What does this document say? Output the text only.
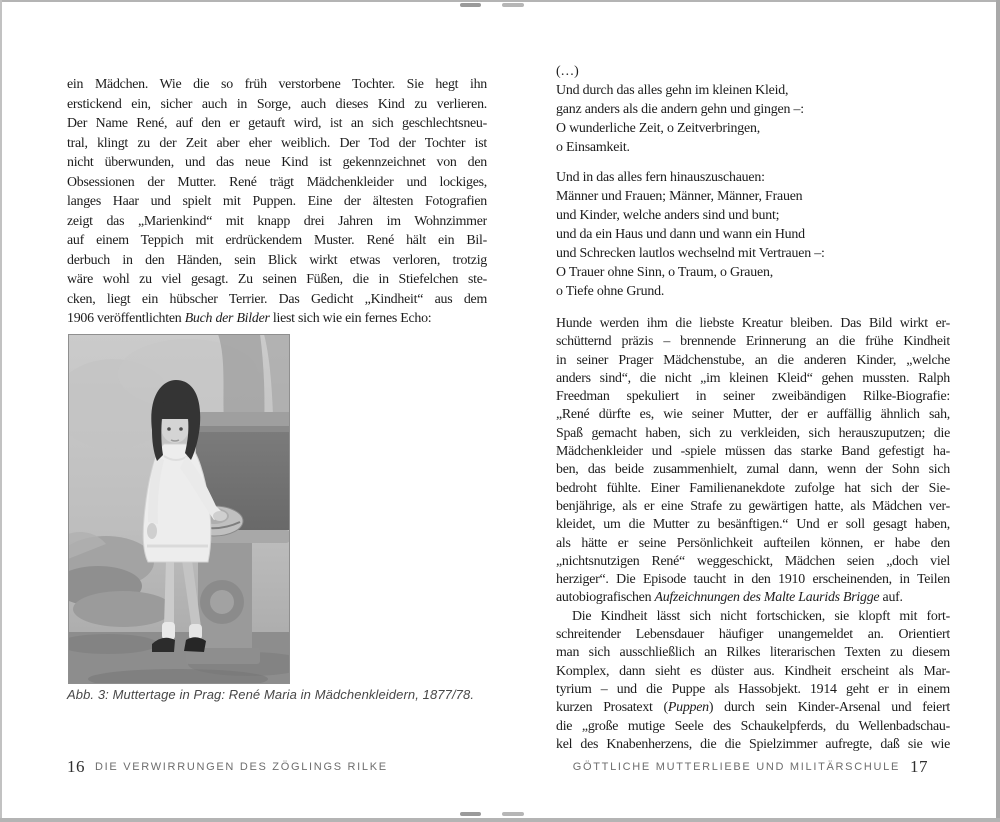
ein Mädchen. Wie die so früh verstorbene Tochter. Sie hegt ihn
erstickend ein, sicher auch in Sorge, auch dieses Kind zu verlieren.
Der Name René, auf den er getauft wird, ist an sich geschlechtsneu-
tral, klingt zu der Zeit aber eher weiblich. Der Tod der Tochter ist
nicht überwunden, und das neue Kind ist gekennzeichnet von den
Obsessionen der Mutter. René trägt Mädchenkleider und lockiges,
langes Haar und spielt mit Puppen. Eine der ältesten Fotografien
zeigt das „Marienkind“ mit knapp drei Jahren im Wohnzimmer
auf einem Teppich mit erdrückendem Muster. René hält ein Bil-
derbuch in den Händen, sein Blick wirkt etwas verloren, trotzig
wäre wohl zu viel gesagt. Zu seinen Füßen, die in Stiefelchen ste-
cken, liegt ein hübscher Terrier. Das Gedicht „Kindheit“ aus dem
1906 veröffentlichten Buch der Bilder liest sich wie ein fernes Echo:
Abb. 3: Muttertage in Prag: René Maria in Mädchenkleidern, 1877/78.
16 DIE VERWIRRUNGEN DES ZÖGLINGS RILKE
(…)
Und durch das alles gehn im kleinen Kleid,
ganz anders als die andern gehn und gingen –:
O wunderliche Zeit, o Zeitverbringen,
o Einsamkeit.
Und in das alles fern hinauszuschauen:
Männer und Frauen; Männer, Männer, Frauen
und Kinder, welche anders sind und bunt;
und da ein Haus und dann und wann ein Hund
und Schrecken lautlos wechselnd mit Vertrauen –:
O Trauer ohne Sinn, o Traum, o Grauen,
o Tiefe ohne Grund.
Hunde werden ihm die liebste Kreatur bleiben. Das Bild wirkt er-
schütternd präzis – brennende Erinnerung an die frühe Kindheit
in seiner Prager Mädchenstube, an die anderen Kinder, „welche
anders sind“, die nicht „im kleinen Kleid“ gehen mussten. Ralph
Freedman spekuliert in seiner zweibändigen Rilke-Biografie:
„René dürfte es, wie seiner Mutter, der er auffällig ähnlich sah,
Spaß gemacht haben, sich zu verkleiden, sich herauszuputzen; die
Mädchenkleider und -spiele müssen das starke Band gefestigt ha-
ben, das beide zusammenhielt, zumal dann, wenn der Sohn sich
bedroht fühlte. Einer Familienanekdote zufolge hat sich der Sie-
benjährige, als er eine Strafe zu gewärtigen hatte, als Mädchen ver-
kleidet, um die Mutter zu besänftigen.“ Und er soll gesagt haben,
als hätte er seine Persönlichkeit aufteilen können, er habe den
„nichtsnutzigen René“ weggeschickt, Mädchen seien „doch viel
herziger“. Die Episode taucht in den 1910 erscheinenden, in Teilen
autobiografischen Aufzeichnungen des Malte Laurids Brigge auf.
Die Kindheit lässt sich nicht fortschicken, sie klopft mit fort-
schreitender Lebensdauer häufiger unangemeldet an. Orientiert
man sich ausschließlich an Rilkes literarischen Texten zu diesem
Komplex, dann sieht es düster aus. Kindheit erscheint als Mar-
tyrium – und die Puppe als Hassobjekt. 1914 geht er in einem
kurzen Prosatext (Puppen) durch sein Kinder-Arsenal und feiert
die „große mutige Seele des Schaukelpferds, du Wellenbadschau-
kel des Knabenherzens, die die Spielzimmer aufregte, daß sie wie
GÖTTLICHE MUTTERLIEBE UND MILITÄRSCHULE 17
